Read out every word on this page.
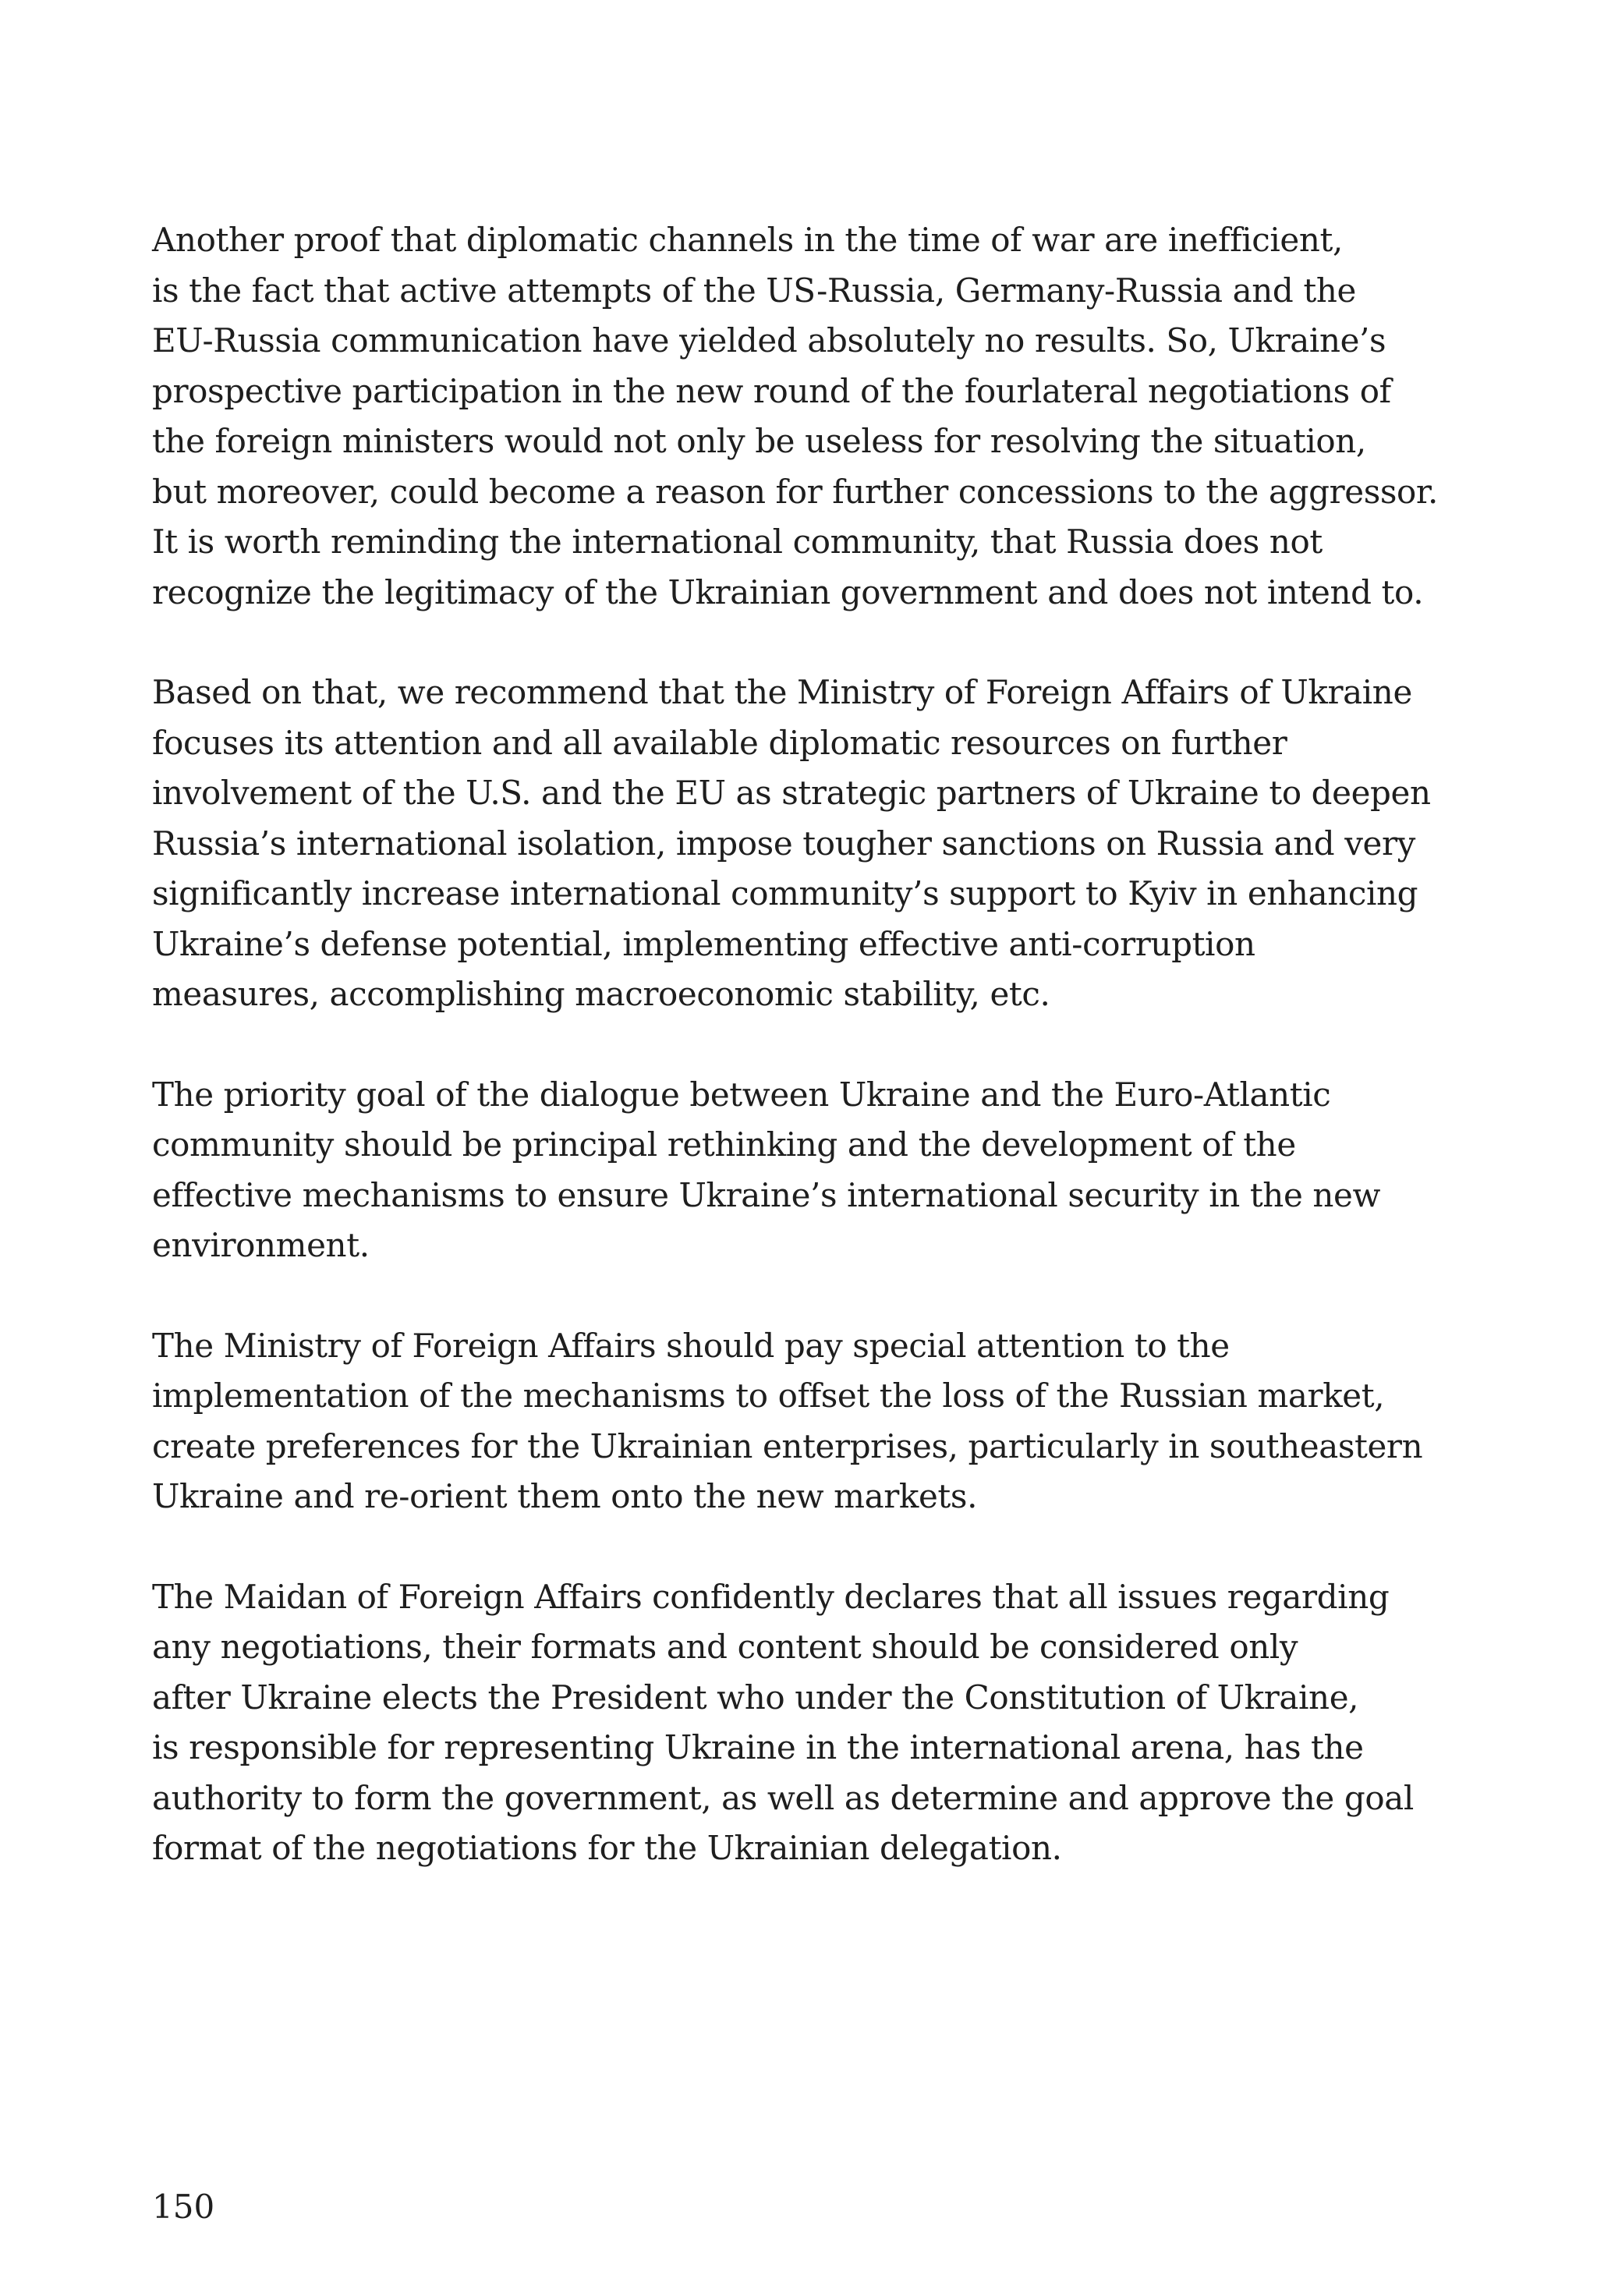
Another proof that diplomatic channels in the time of war are inefficient,
is the fact that active attempts of the US-Russia, Germany-Russia and the
EU-Russia communication have yielded absolutely no results. So, Ukraine’s
prospective participation in the new round of the fourlateral negotiations of
the foreign ministers would not only be useless for resolving the situation,
but moreover, could become a reason for further concessions to the aggressor.
It is worth reminding the international community, that Russia does not
recognize the legitimacy of the Ukrainian government and does not intend to.
Based on that, we recommend that the Ministry of Foreign Affairs of Ukraine
focuses its attention and all available diplomatic resources on further
involvement of the U.S. and the EU as strategic partners of Ukraine to deepen
Russia’s international isolation, impose tougher sanctions on Russia and very
significantly increase international community’s support to Kyiv in enhancing
Ukraine’s defense potential, implementing effective anti-corruption
measures, accomplishing macroeconomic stability, etc.
The priority goal of the dialogue between Ukraine and the Euro-Atlantic
community should be principal rethinking and the development of the
effective mechanisms to ensure Ukraine’s international security in the new
environment.
The Ministry of Foreign Affairs should pay special attention to the
implementation of the mechanisms to offset the loss of the Russian market,
create preferences for the Ukrainian enterprises, particularly in southeastern
Ukraine and re-orient them onto the new markets.
The Maidan of Foreign Affairs confidently declares that all issues regarding
any negotiations, their formats and content should be considered only
after Ukraine elects the President who under the Constitution of Ukraine,
is responsible for representing Ukraine in the international arena, has the
authority to form the government, as well as determine and approve the goal
format of the negotiations for the Ukrainian delegation.
150
